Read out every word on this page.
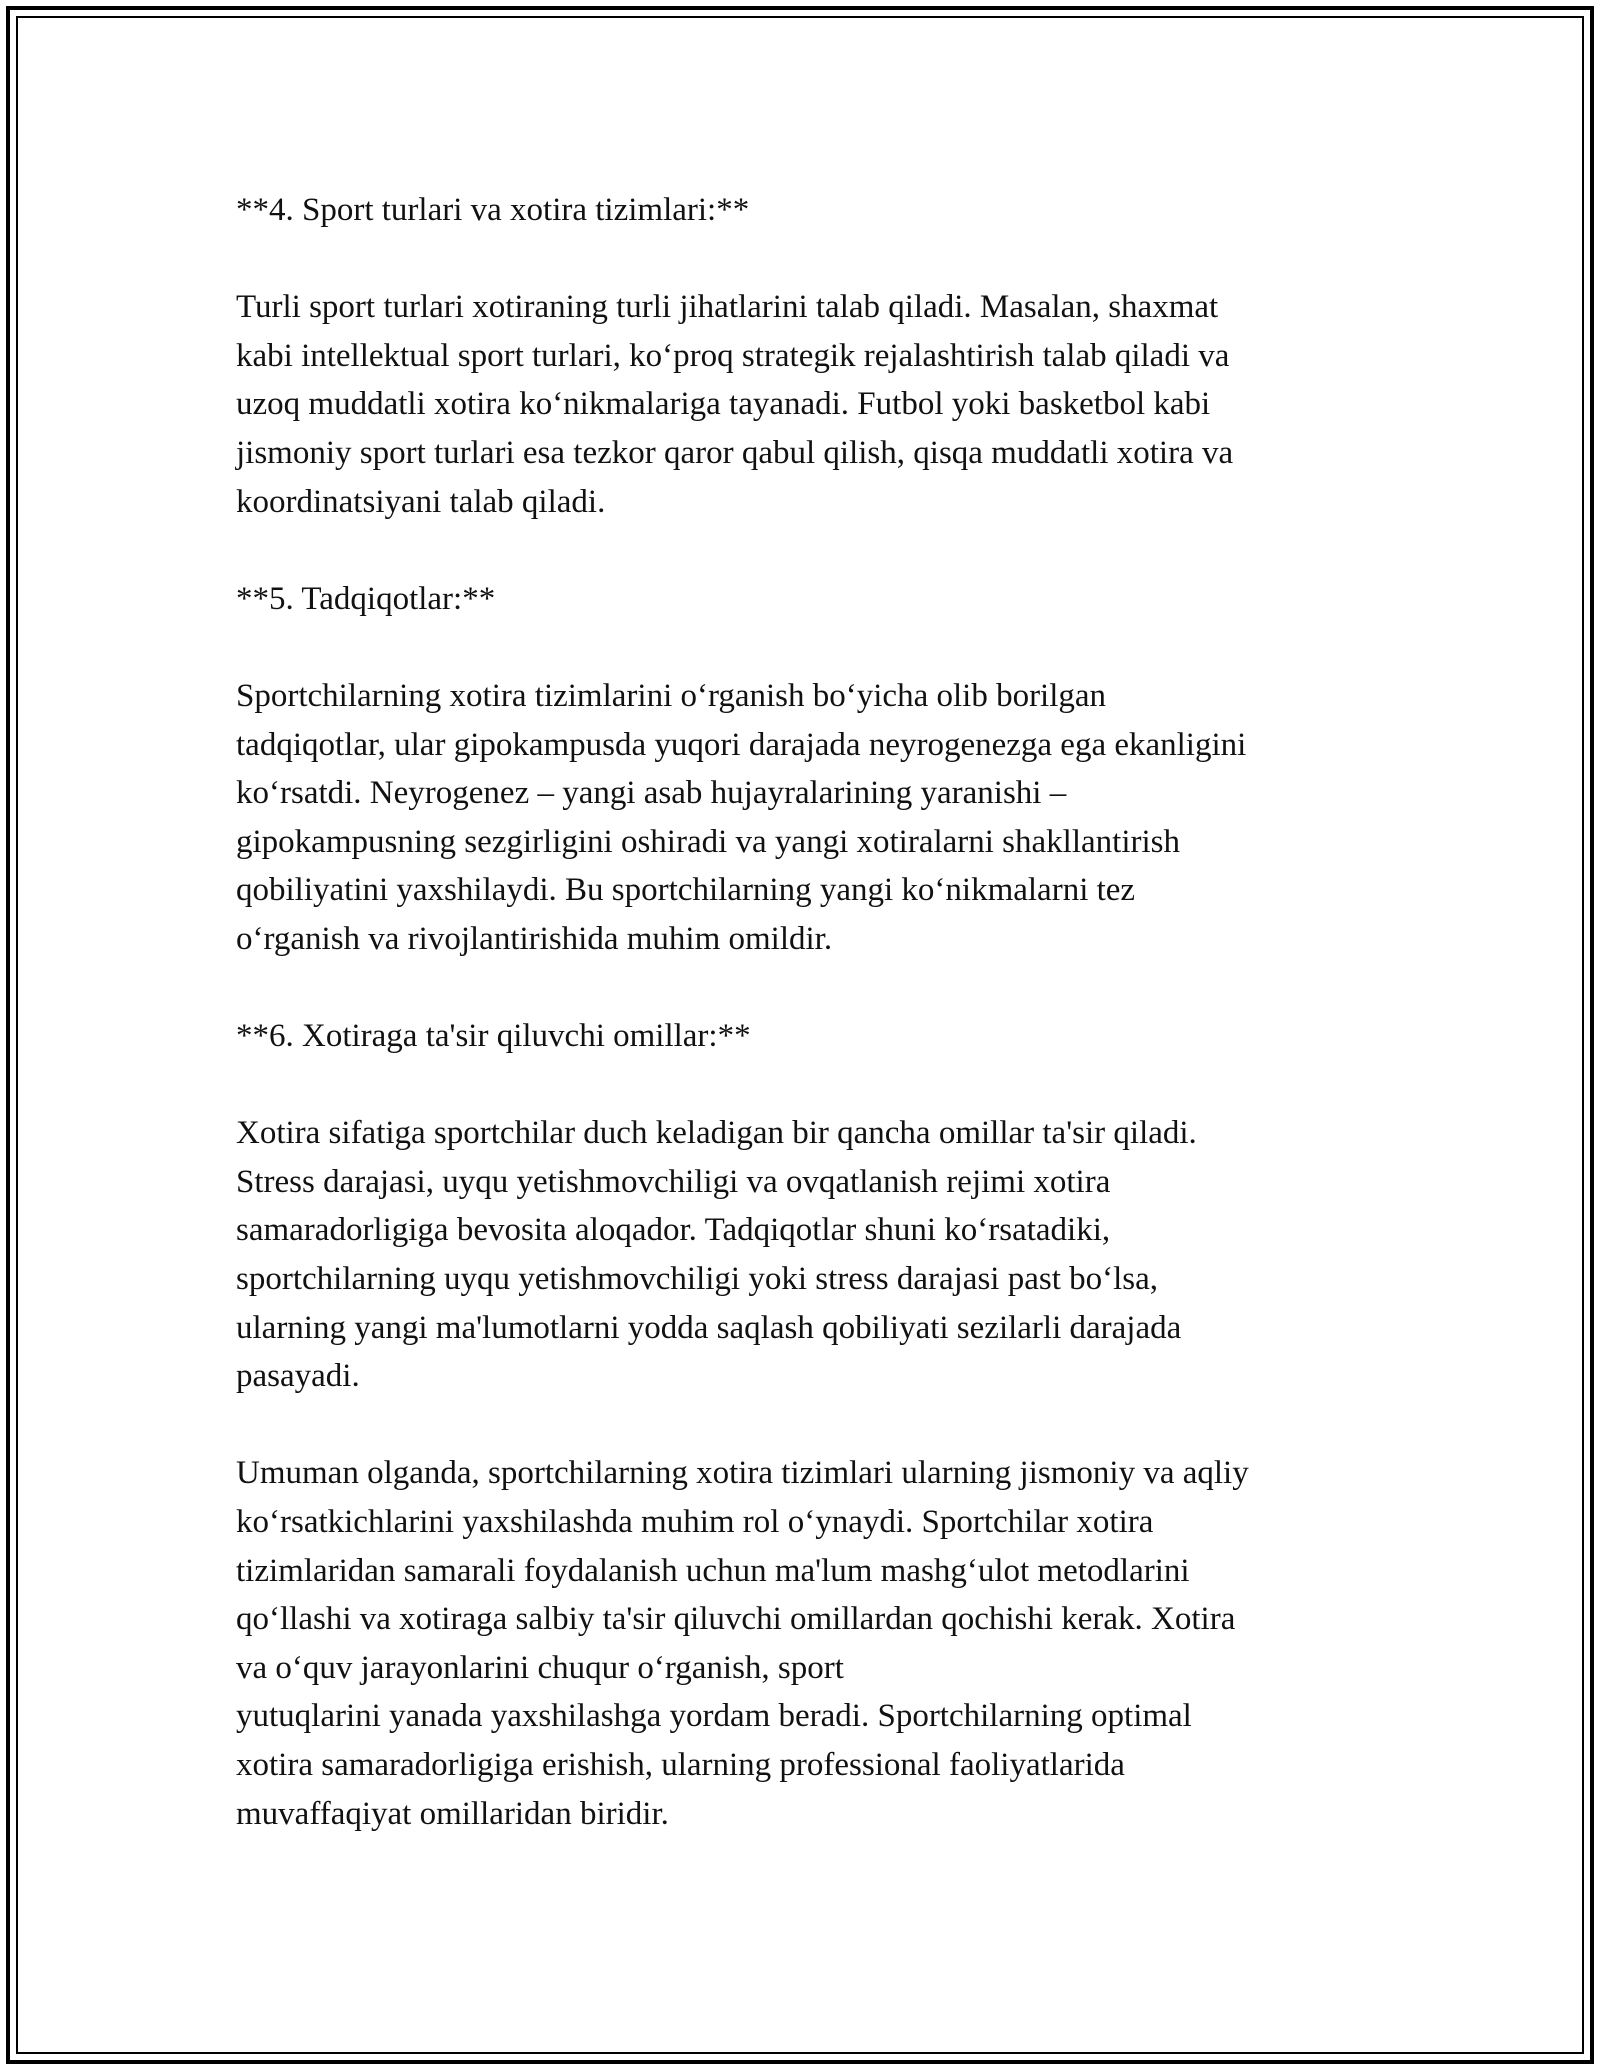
**4. Sport turlari va xotira tizimlari:**

Turli sport turlari xotiraning turli jihatlarini talab qiladi. Masalan, shaxmat
kabi intellektual sport turlari, ko‘proq strategik rejalashtirish talab qiladi va
uzoq muddatli xotira ko‘nikmalariga tayanadi. Futbol yoki basketbol kabi
jismoniy sport turlari esa tezkor qaror qabul qilish, qisqa muddatli xotira va
koordinatsiyani talab qiladi.

**5. Tadqiqotlar:**

Sportchilarning xotira tizimlarini o‘rganish bo‘yicha olib borilgan
tadqiqotlar, ular gipokampusda yuqori darajada neyrogenezga ega ekanligini
ko‘rsatdi. Neyrogenez – yangi asab hujayralarining yaranishi –
gipokampusning sezgirligini oshiradi va yangi xotiralarni shakllantirish
qobiliyatini yaxshilaydi. Bu sportchilarning yangi ko‘nikmalarni tez
o‘rganish va rivojlantirishida muhim omildir.

**6. Xotiraga ta'sir qiluvchi omillar:**

Xotira sifatiga sportchilar duch keladigan bir qancha omillar ta'sir qiladi.
Stress darajasi, uyqu yetishmovchiligi va ovqatlanish rejimi xotira
samaradorligiga bevosita aloqador. Tadqiqotlar shuni ko‘rsatadiki,
sportchilarning uyqu yetishmovchiligi yoki stress darajasi past bo‘lsa,
ularning yangi ma'lumotlarni yodda saqlash qobiliyati sezilarli darajada
pasayadi.

Umuman olganda, sportchilarning xotira tizimlari ularning jismoniy va aqliy
ko‘rsatkichlarini yaxshilashda muhim rol o‘ynaydi. Sportchilar xotira
tizimlaridan samarali foydalanish uchun ma'lum mashg‘ulot metodlarini
qo‘llashi va xotiraga salbiy ta'sir qiluvchi omillardan qochishi kerak. Xotira
va o‘quv jarayonlarini chuqur o‘rganish, sport
yutuqlarini yanada yaxshilashga yordam beradi. Sportchilarning optimal
xotira samaradorligiga erishish, ularning professional faoliyatlarida
muvaffaqiyat omillaridan biridir.
